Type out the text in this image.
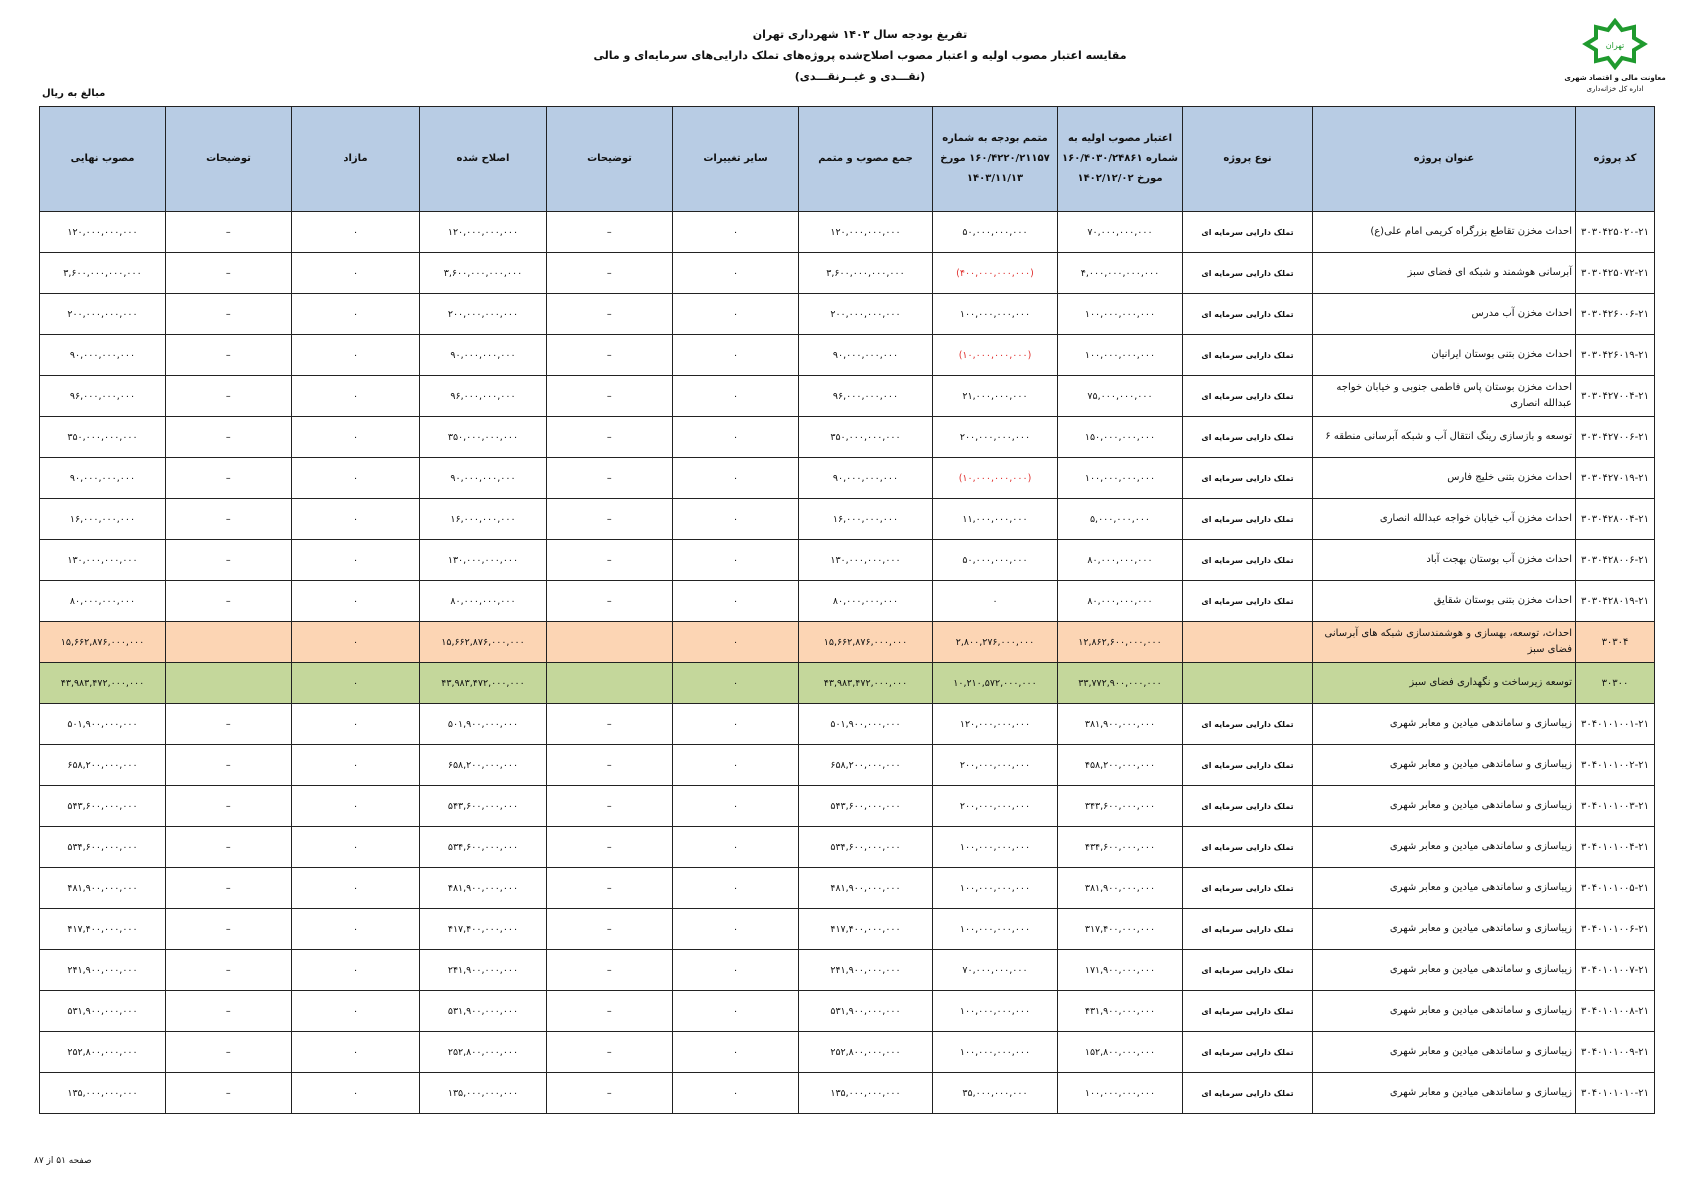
تهران
معاونت مالی و اقتصاد شهری
اداره کل خزانه‌داری
تفریغ بودجه سال ۱۴۰۳ شهرداری تهران
مقایسه اعتبار مصوب اولیه و اعتبار مصوب اصلاح‌شده پروژه‌های تملک دارایی‌های سرمایه‌ای و مالی
(نقـــدی و غیــرنقـــدی)
مبالغ به ریال
کد پروژه	عنوان پروژه	نوع پروژه	اعتبار مصوب اولیه به شماره ۱۶۰/۴۰۳۰/۲۴۸۶۱ مورخ ۱۴۰۲/۱۲/۰۲	متمم بودجه به شماره ۱۶۰/۴۲۲۰/۲۱۱۵۷ مورخ ۱۴۰۳/۱۱/۱۳	جمع مصوب و متمم	سایر تغییرات	توضیحات	اصلاح شده	مازاد	توضیحات	مصوب نهایی
۳۰۳۰۴۲۵۰۲۰-۲۱	احداث مخزن تقاطع بزرگراه کریمی امام علی(ع)	تملک دارایی سرمایه ای	۷۰,۰۰۰,۰۰۰,۰۰۰	۵۰,۰۰۰,۰۰۰,۰۰۰	۱۲۰,۰۰۰,۰۰۰,۰۰۰	۰	–	۱۲۰,۰۰۰,۰۰۰,۰۰۰	۰	–	۱۲۰,۰۰۰,۰۰۰,۰۰۰
۳۰۳۰۴۲۵۰۷۲-۲۱	آبرسانی هوشمند و شبکه ای فضای سبز	تملک دارایی سرمایه ای	۴,۰۰۰,۰۰۰,۰۰۰,۰۰۰	(۴۰۰,۰۰۰,۰۰۰,۰۰۰)	۳,۶۰۰,۰۰۰,۰۰۰,۰۰۰	۰	–	۳,۶۰۰,۰۰۰,۰۰۰,۰۰۰	۰	–	۳,۶۰۰,۰۰۰,۰۰۰,۰۰۰
۳۰۳۰۴۲۶۰۰۶-۲۱	احداث مخزن آب مدرس	تملک دارایی سرمایه ای	۱۰۰,۰۰۰,۰۰۰,۰۰۰	۱۰۰,۰۰۰,۰۰۰,۰۰۰	۲۰۰,۰۰۰,۰۰۰,۰۰۰	۰	–	۲۰۰,۰۰۰,۰۰۰,۰۰۰	۰	–	۲۰۰,۰۰۰,۰۰۰,۰۰۰
۳۰۳۰۴۲۶۰۱۹-۲۱	احداث مخزن بتنی بوستان ایرانیان	تملک دارایی سرمایه ای	۱۰۰,۰۰۰,۰۰۰,۰۰۰	(۱۰,۰۰۰,۰۰۰,۰۰۰)	۹۰,۰۰۰,۰۰۰,۰۰۰	۰	–	۹۰,۰۰۰,۰۰۰,۰۰۰	۰	–	۹۰,۰۰۰,۰۰۰,۰۰۰
۳۰۳۰۴۲۷۰۰۴-۲۱	احداث مخزن بوستان پاس فاطمی جنوبی و خیابان خواجه عبدالله انصاری	تملک دارایی سرمایه ای	۷۵,۰۰۰,۰۰۰,۰۰۰	۲۱,۰۰۰,۰۰۰,۰۰۰	۹۶,۰۰۰,۰۰۰,۰۰۰	۰	–	۹۶,۰۰۰,۰۰۰,۰۰۰	۰	–	۹۶,۰۰۰,۰۰۰,۰۰۰
۳۰۳۰۴۲۷۰۰۶-۲۱	توسعه و بازسازی رینگ انتقال آب و شبکه آبرسانی منطقه ۶	تملک دارایی سرمایه ای	۱۵۰,۰۰۰,۰۰۰,۰۰۰	۲۰۰,۰۰۰,۰۰۰,۰۰۰	۳۵۰,۰۰۰,۰۰۰,۰۰۰	۰	–	۳۵۰,۰۰۰,۰۰۰,۰۰۰	۰	–	۳۵۰,۰۰۰,۰۰۰,۰۰۰
۳۰۳۰۴۲۷۰۱۹-۲۱	احداث مخزن بتنی خلیج فارس	تملک دارایی سرمایه ای	۱۰۰,۰۰۰,۰۰۰,۰۰۰	(۱۰,۰۰۰,۰۰۰,۰۰۰)	۹۰,۰۰۰,۰۰۰,۰۰۰	۰	–	۹۰,۰۰۰,۰۰۰,۰۰۰	۰	–	۹۰,۰۰۰,۰۰۰,۰۰۰
۳۰۳۰۴۲۸۰۰۴-۲۱	احداث مخزن آب خیابان خواجه عبدالله انصاری	تملک دارایی سرمایه ای	۵,۰۰۰,۰۰۰,۰۰۰	۱۱,۰۰۰,۰۰۰,۰۰۰	۱۶,۰۰۰,۰۰۰,۰۰۰	۰	–	۱۶,۰۰۰,۰۰۰,۰۰۰	۰	–	۱۶,۰۰۰,۰۰۰,۰۰۰
۳۰۳۰۴۲۸۰۰۶-۲۱	احداث مخزن آب بوستان بهجت آباد	تملک دارایی سرمایه ای	۸۰,۰۰۰,۰۰۰,۰۰۰	۵۰,۰۰۰,۰۰۰,۰۰۰	۱۳۰,۰۰۰,۰۰۰,۰۰۰	۰	–	۱۳۰,۰۰۰,۰۰۰,۰۰۰	۰	–	۱۳۰,۰۰۰,۰۰۰,۰۰۰
۳۰۳۰۴۲۸۰۱۹-۲۱	احداث مخزن بتنی بوستان شقایق	تملک دارایی سرمایه ای	۸۰,۰۰۰,۰۰۰,۰۰۰	۰	۸۰,۰۰۰,۰۰۰,۰۰۰	۰	–	۸۰,۰۰۰,۰۰۰,۰۰۰	۰	–	۸۰,۰۰۰,۰۰۰,۰۰۰
۳۰۳۰۴	احداث، توسعه، بهسازی و هوشمندسازی شبکه های آبرسانی فضای سبز		۱۲,۸۶۲,۶۰۰,۰۰۰,۰۰۰	۲,۸۰۰,۲۷۶,۰۰۰,۰۰۰	۱۵,۶۶۲,۸۷۶,۰۰۰,۰۰۰	۰		۱۵,۶۶۲,۸۷۶,۰۰۰,۰۰۰	۰		۱۵,۶۶۲,۸۷۶,۰۰۰,۰۰۰
۳۰۳۰۰	توسعه زیرساخت و نگهداری فضای سبز		۳۳,۷۷۲,۹۰۰,۰۰۰,۰۰۰	۱۰,۲۱۰,۵۷۲,۰۰۰,۰۰۰	۴۳,۹۸۳,۴۷۲,۰۰۰,۰۰۰	۰		۴۳,۹۸۳,۴۷۲,۰۰۰,۰۰۰	۰		۴۳,۹۸۳,۴۷۲,۰۰۰,۰۰۰
۳۰۴۰۱۰۱۰۰۱-۲۱	زیباسازی و ساماندهی میادین و معابر شهری	تملک دارایی سرمایه ای	۳۸۱,۹۰۰,۰۰۰,۰۰۰	۱۲۰,۰۰۰,۰۰۰,۰۰۰	۵۰۱,۹۰۰,۰۰۰,۰۰۰	۰	–	۵۰۱,۹۰۰,۰۰۰,۰۰۰	۰	–	۵۰۱,۹۰۰,۰۰۰,۰۰۰
۳۰۴۰۱۰۱۰۰۲-۲۱	زیباسازی و ساماندهی میادین و معابر شهری	تملک دارایی سرمایه ای	۴۵۸,۲۰۰,۰۰۰,۰۰۰	۲۰۰,۰۰۰,۰۰۰,۰۰۰	۶۵۸,۲۰۰,۰۰۰,۰۰۰	۰	–	۶۵۸,۲۰۰,۰۰۰,۰۰۰	۰	–	۶۵۸,۲۰۰,۰۰۰,۰۰۰
۳۰۴۰۱۰۱۰۰۳-۲۱	زیباسازی و ساماندهی میادین و معابر شهری	تملک دارایی سرمایه ای	۳۴۳,۶۰۰,۰۰۰,۰۰۰	۲۰۰,۰۰۰,۰۰۰,۰۰۰	۵۴۳,۶۰۰,۰۰۰,۰۰۰	۰	–	۵۴۳,۶۰۰,۰۰۰,۰۰۰	۰	–	۵۴۳,۶۰۰,۰۰۰,۰۰۰
۳۰۴۰۱۰۱۰۰۴-۲۱	زیباسازی و ساماندهی میادین و معابر شهری	تملک دارایی سرمایه ای	۴۳۴,۶۰۰,۰۰۰,۰۰۰	۱۰۰,۰۰۰,۰۰۰,۰۰۰	۵۳۴,۶۰۰,۰۰۰,۰۰۰	۰	–	۵۳۴,۶۰۰,۰۰۰,۰۰۰	۰	–	۵۳۴,۶۰۰,۰۰۰,۰۰۰
۳۰۴۰۱۰۱۰۰۵-۲۱	زیباسازی و ساماندهی میادین و معابر شهری	تملک دارایی سرمایه ای	۳۸۱,۹۰۰,۰۰۰,۰۰۰	۱۰۰,۰۰۰,۰۰۰,۰۰۰	۴۸۱,۹۰۰,۰۰۰,۰۰۰	۰	–	۴۸۱,۹۰۰,۰۰۰,۰۰۰	۰	–	۴۸۱,۹۰۰,۰۰۰,۰۰۰
۳۰۴۰۱۰۱۰۰۶-۲۱	زیباسازی و ساماندهی میادین و معابر شهری	تملک دارایی سرمایه ای	۳۱۷,۴۰۰,۰۰۰,۰۰۰	۱۰۰,۰۰۰,۰۰۰,۰۰۰	۴۱۷,۴۰۰,۰۰۰,۰۰۰	۰	–	۴۱۷,۴۰۰,۰۰۰,۰۰۰	۰	–	۴۱۷,۴۰۰,۰۰۰,۰۰۰
۳۰۴۰۱۰۱۰۰۷-۲۱	زیباسازی و ساماندهی میادین و معابر شهری	تملک دارایی سرمایه ای	۱۷۱,۹۰۰,۰۰۰,۰۰۰	۷۰,۰۰۰,۰۰۰,۰۰۰	۲۴۱,۹۰۰,۰۰۰,۰۰۰	۰	–	۲۴۱,۹۰۰,۰۰۰,۰۰۰	۰	–	۲۴۱,۹۰۰,۰۰۰,۰۰۰
۳۰۴۰۱۰۱۰۰۸-۲۱	زیباسازی و ساماندهی میادین و معابر شهری	تملک دارایی سرمایه ای	۴۳۱,۹۰۰,۰۰۰,۰۰۰	۱۰۰,۰۰۰,۰۰۰,۰۰۰	۵۳۱,۹۰۰,۰۰۰,۰۰۰	۰	–	۵۳۱,۹۰۰,۰۰۰,۰۰۰	۰	–	۵۳۱,۹۰۰,۰۰۰,۰۰۰
۳۰۴۰۱۰۱۰۰۹-۲۱	زیباسازی و ساماندهی میادین و معابر شهری	تملک دارایی سرمایه ای	۱۵۲,۸۰۰,۰۰۰,۰۰۰	۱۰۰,۰۰۰,۰۰۰,۰۰۰	۲۵۲,۸۰۰,۰۰۰,۰۰۰	۰	–	۲۵۲,۸۰۰,۰۰۰,۰۰۰	۰	–	۲۵۲,۸۰۰,۰۰۰,۰۰۰
۳۰۴۰۱۰۱۰۱۰-۲۱	زیباسازی و ساماندهی میادین و معابر شهری	تملک دارایی سرمایه ای	۱۰۰,۰۰۰,۰۰۰,۰۰۰	۳۵,۰۰۰,۰۰۰,۰۰۰	۱۳۵,۰۰۰,۰۰۰,۰۰۰	۰	–	۱۳۵,۰۰۰,۰۰۰,۰۰۰	۰	–	۱۳۵,۰۰۰,۰۰۰,۰۰۰
صفحه ۵۱ از ۸۷
